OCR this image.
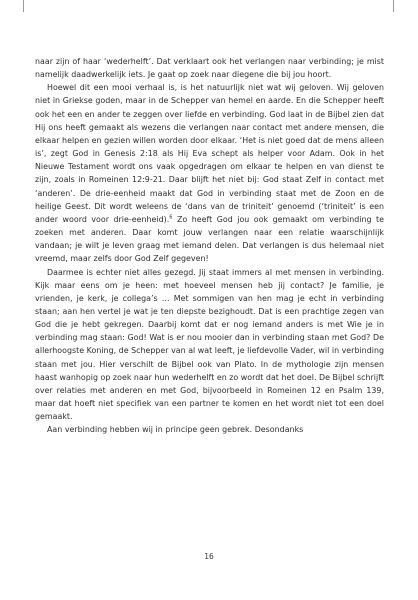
naar zijn of haar ‘wederhelft’. Dat verklaart ook het verlangen naar verbinding; je mist namelijk daadwerkelijk iets. Je gaat op zoek naar diegene die bij jou hoort.

Hoewel dit een mooi verhaal is, is het natuurlijk niet wat wij geloven. Wij geloven niet in Griekse goden, maar in de Schepper van hemel en aarde. En die Schepper heeft ook het een en ander te zeggen over liefde en verbinding. God laat in de Bijbel zien dat Hij ons heeft gemaakt als wezens die verlangen naar contact met andere mensen, die elkaar helpen en gezien willen worden door elkaar. ‘Het is niet goed dat de mens alleen is’, zegt God in Genesis 2:18 als Hij Eva schept als helper voor Adam. Ook in het Nieuwe Testament wordt ons vaak opgedragen om elkaar te helpen en van dienst te zijn, zoals in Romeinen 12:9-21. Daar blijft het niet bij: God staat Zelf in contact met ‘anderen’. De drie-eenheid maakt dat God in verbinding staat met de Zoon en de heilige Geest. Dit wordt weleens de ‘dans van de triniteit’ genoemd (‘triniteit’ is een ander woord voor drie-eenheid).$^6$ Zo heeft God jou ook gemaakt om verbinding te zoeken met anderen. Daar komt jouw verlangen naar een relatie waarschijnlijk vandaan; je wilt je leven graag met iemand delen. Dat verlangen is dus helemaal niet vreemd, maar zelfs door God Zelf gegeven!

Daarmee is echter niet alles gezegd. Jij staat immers al met mensen in verbinding. Kijk maar eens om je heen: met hoeveel mensen heb jij contact? Je familie, je vrienden, je kerk, je collega’s … Met sommigen van hen mag je echt in verbinding staan; aan hen vertel je wat je ten diepste bezighoudt. Dat is een prachtige zegen van God die je hebt gekregen. Daarbij komt dat er nog iemand anders is met Wie je in verbinding mag staan: God! Wat is er nou mooier dan in verbinding staan met God? De allerhoogste Koning, de Schepper van al wat leeft, je liefdevolle Vader, wil in verbinding staan met jou. Hier verschilt de Bijbel ook van Plato. In de mythologie zijn mensen haast wanhopig op zoek naar hun wederhelft en zo wordt dat het doel. De Bijbel schrijft over relaties met anderen en met God, bijvoorbeeld in Romeinen 12 en Psalm 139, maar dat hoeft niet specifiek van een partner te komen en het wordt niet tot een doel gemaakt.

Aan verbinding hebben wij in principe geen gebrek. Desondanks

16
